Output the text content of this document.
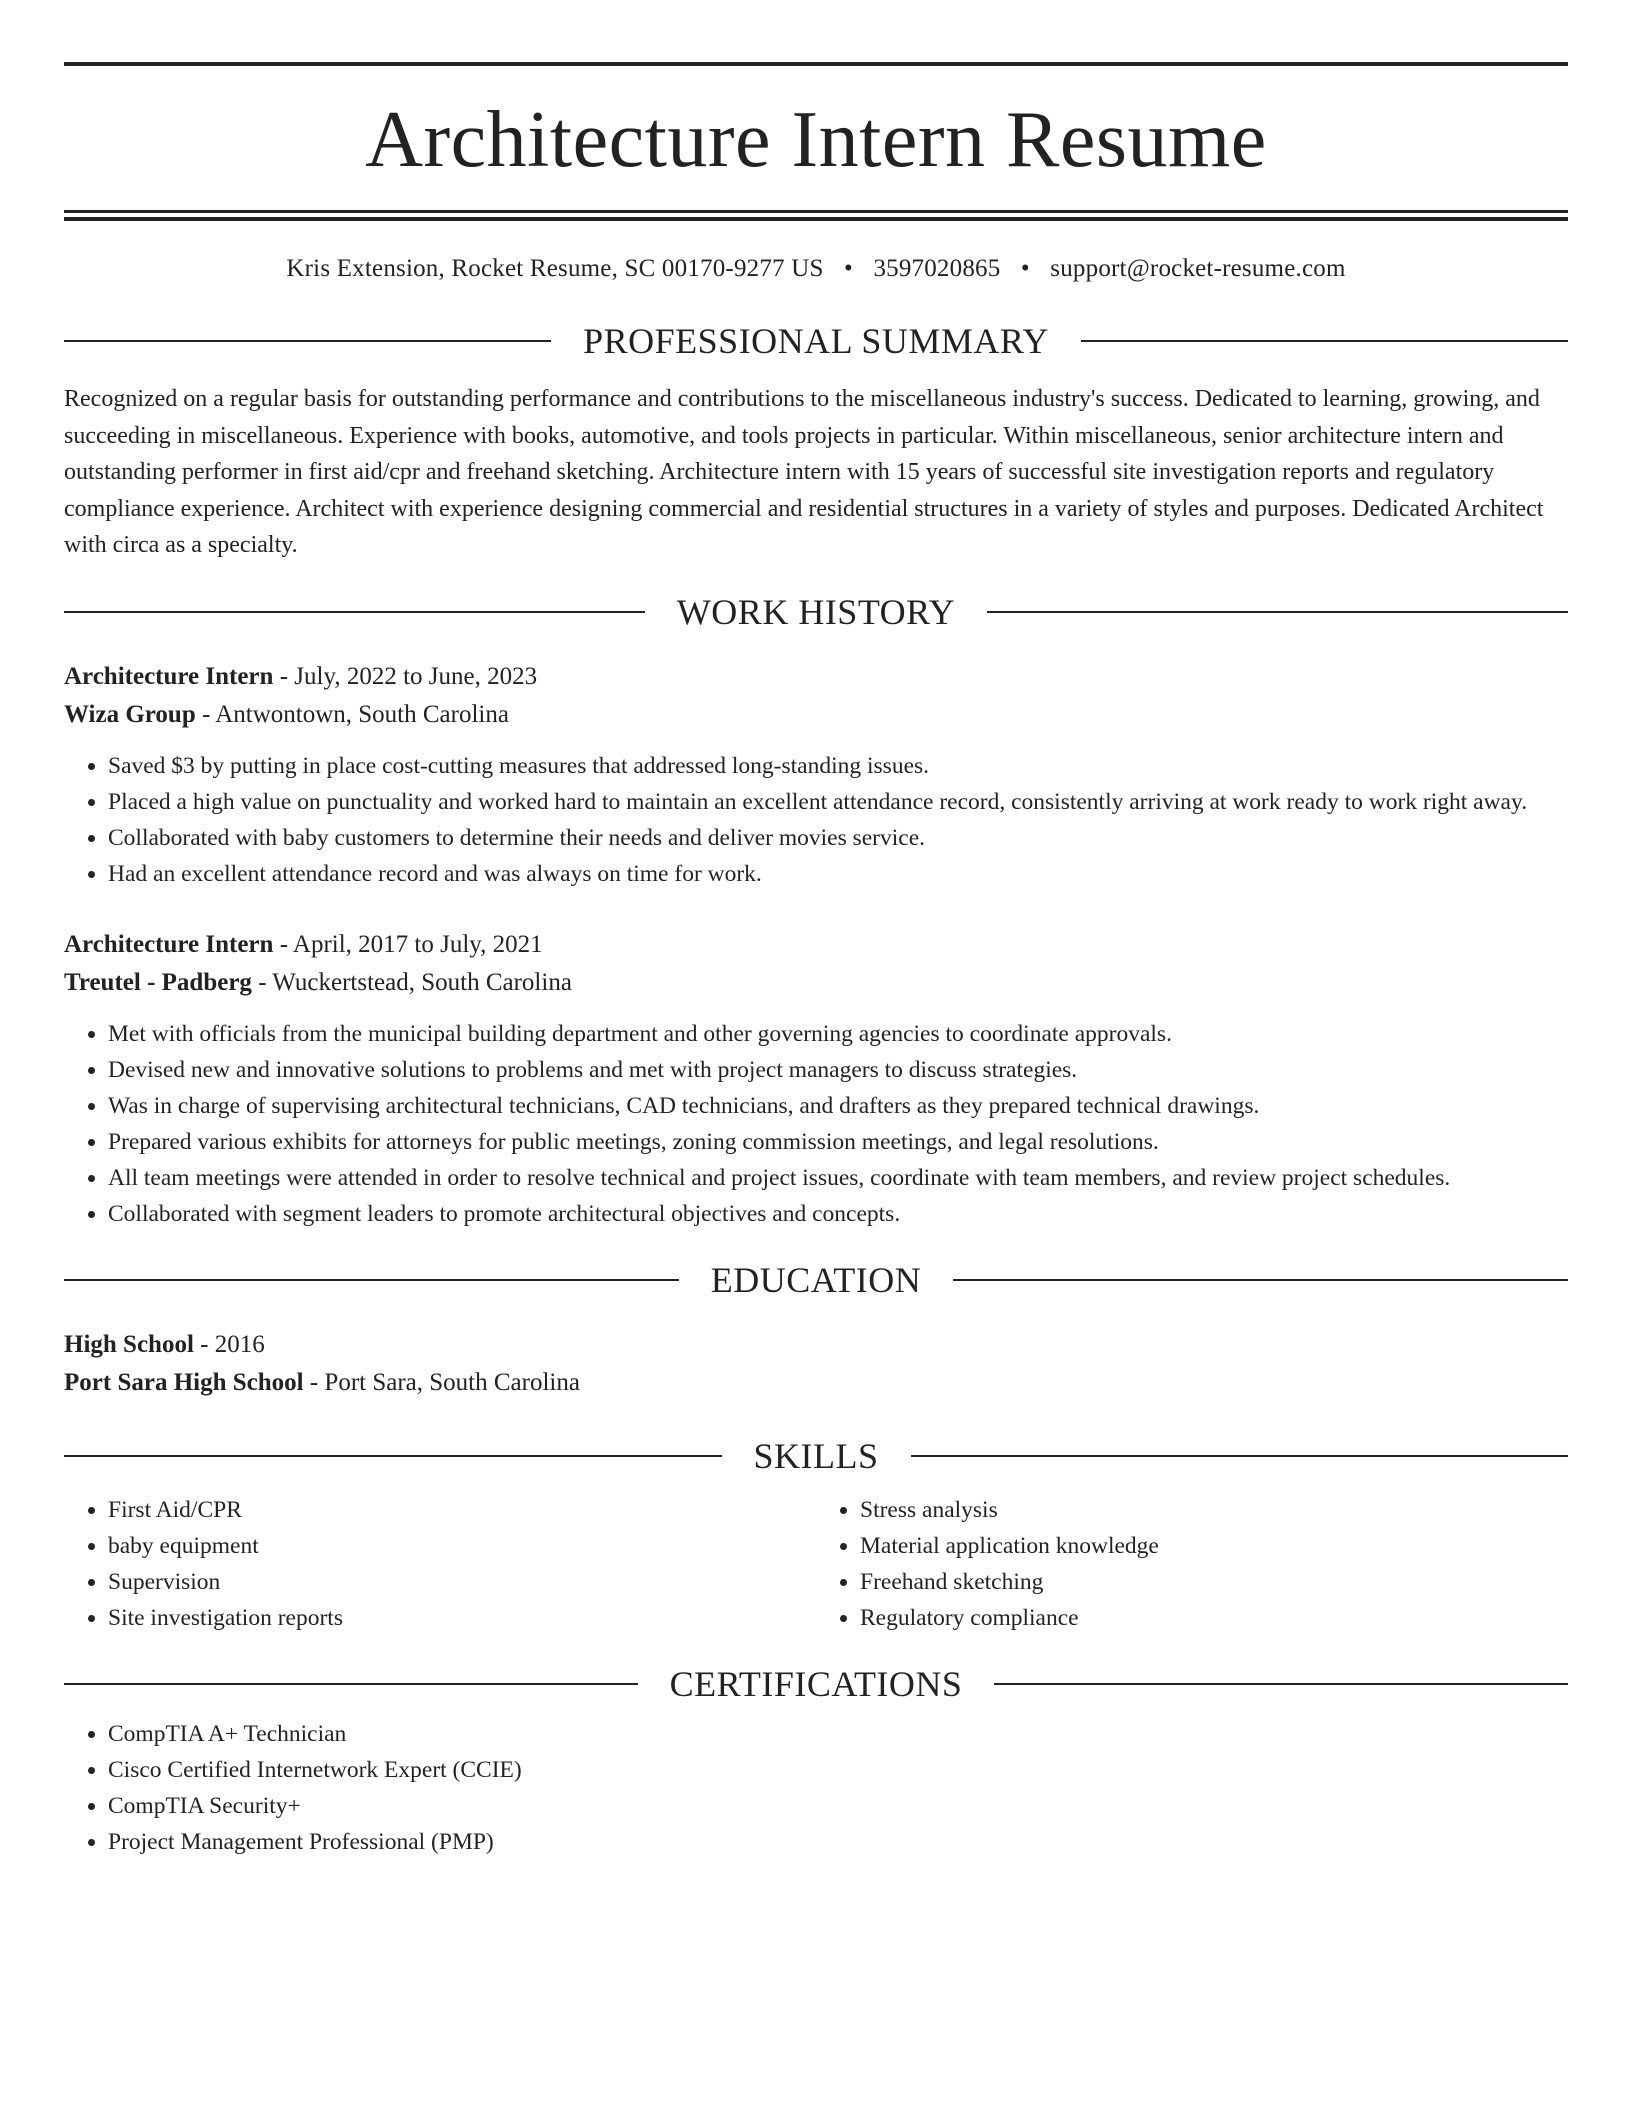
Architecture Intern Resume
Kris Extension, Rocket Resume, SC 00170-9277 US • 3597020865 • support@rocket-resume.com
PROFESSIONAL SUMMARY

Recognized on a regular basis for outstanding performance and contributions to the miscellaneous industry's success. Dedicated to learning, growing, and succeeding in miscellaneous. Experience with books, automotive, and tools projects in particular. Within miscellaneous, senior architecture intern and outstanding performer in first aid/cpr and freehand sketching. Architecture intern with 15 years of successful site investigation reports and regulatory compliance experience. Architect with experience designing commercial and residential structures in a variety of styles and purposes. Dedicated Architect with circa as a specialty.

WORK HISTORY
Architecture Intern - July, 2022 to June, 2023
Wiza Group - Antwontown, South Carolina
• Saved $3 by putting in place cost-cutting measures that addressed long-standing issues.
• Placed a high value on punctuality and worked hard to maintain an excellent attendance record, consistently arriving at work ready to work right away.
• Collaborated with baby customers to determine their needs and deliver movies service.
• Had an excellent attendance record and was always on time for work.
Architecture Intern - April, 2017 to July, 2021
Treutel - Padberg - Wuckertstead, South Carolina
• Met with officials from the municipal building department and other governing agencies to coordinate approvals.
• Devised new and innovative solutions to problems and met with project managers to discuss strategies.
• Was in charge of supervising architectural technicians, CAD technicians, and drafters as they prepared technical drawings.
• Prepared various exhibits for attorneys for public meetings, zoning commission meetings, and legal resolutions.
• All team meetings were attended in order to resolve technical and project issues, coordinate with team members, and review project schedules.
• Collaborated with segment leaders to promote architectural objectives and concepts.
EDUCATION
High School - 2016
Port Sara High School - Port Sara, South Carolina
SKILLS
• First Aid/CPR
• baby equipment
• Supervision
• Site investigation reports
• Stress analysis
• Material application knowledge
• Freehand sketching
• Regulatory compliance
CERTIFICATIONS
• CompTIA A+ Technician
• Cisco Certified Internetwork Expert (CCIE)
• CompTIA Security+
• Project Management Professional (PMP)
